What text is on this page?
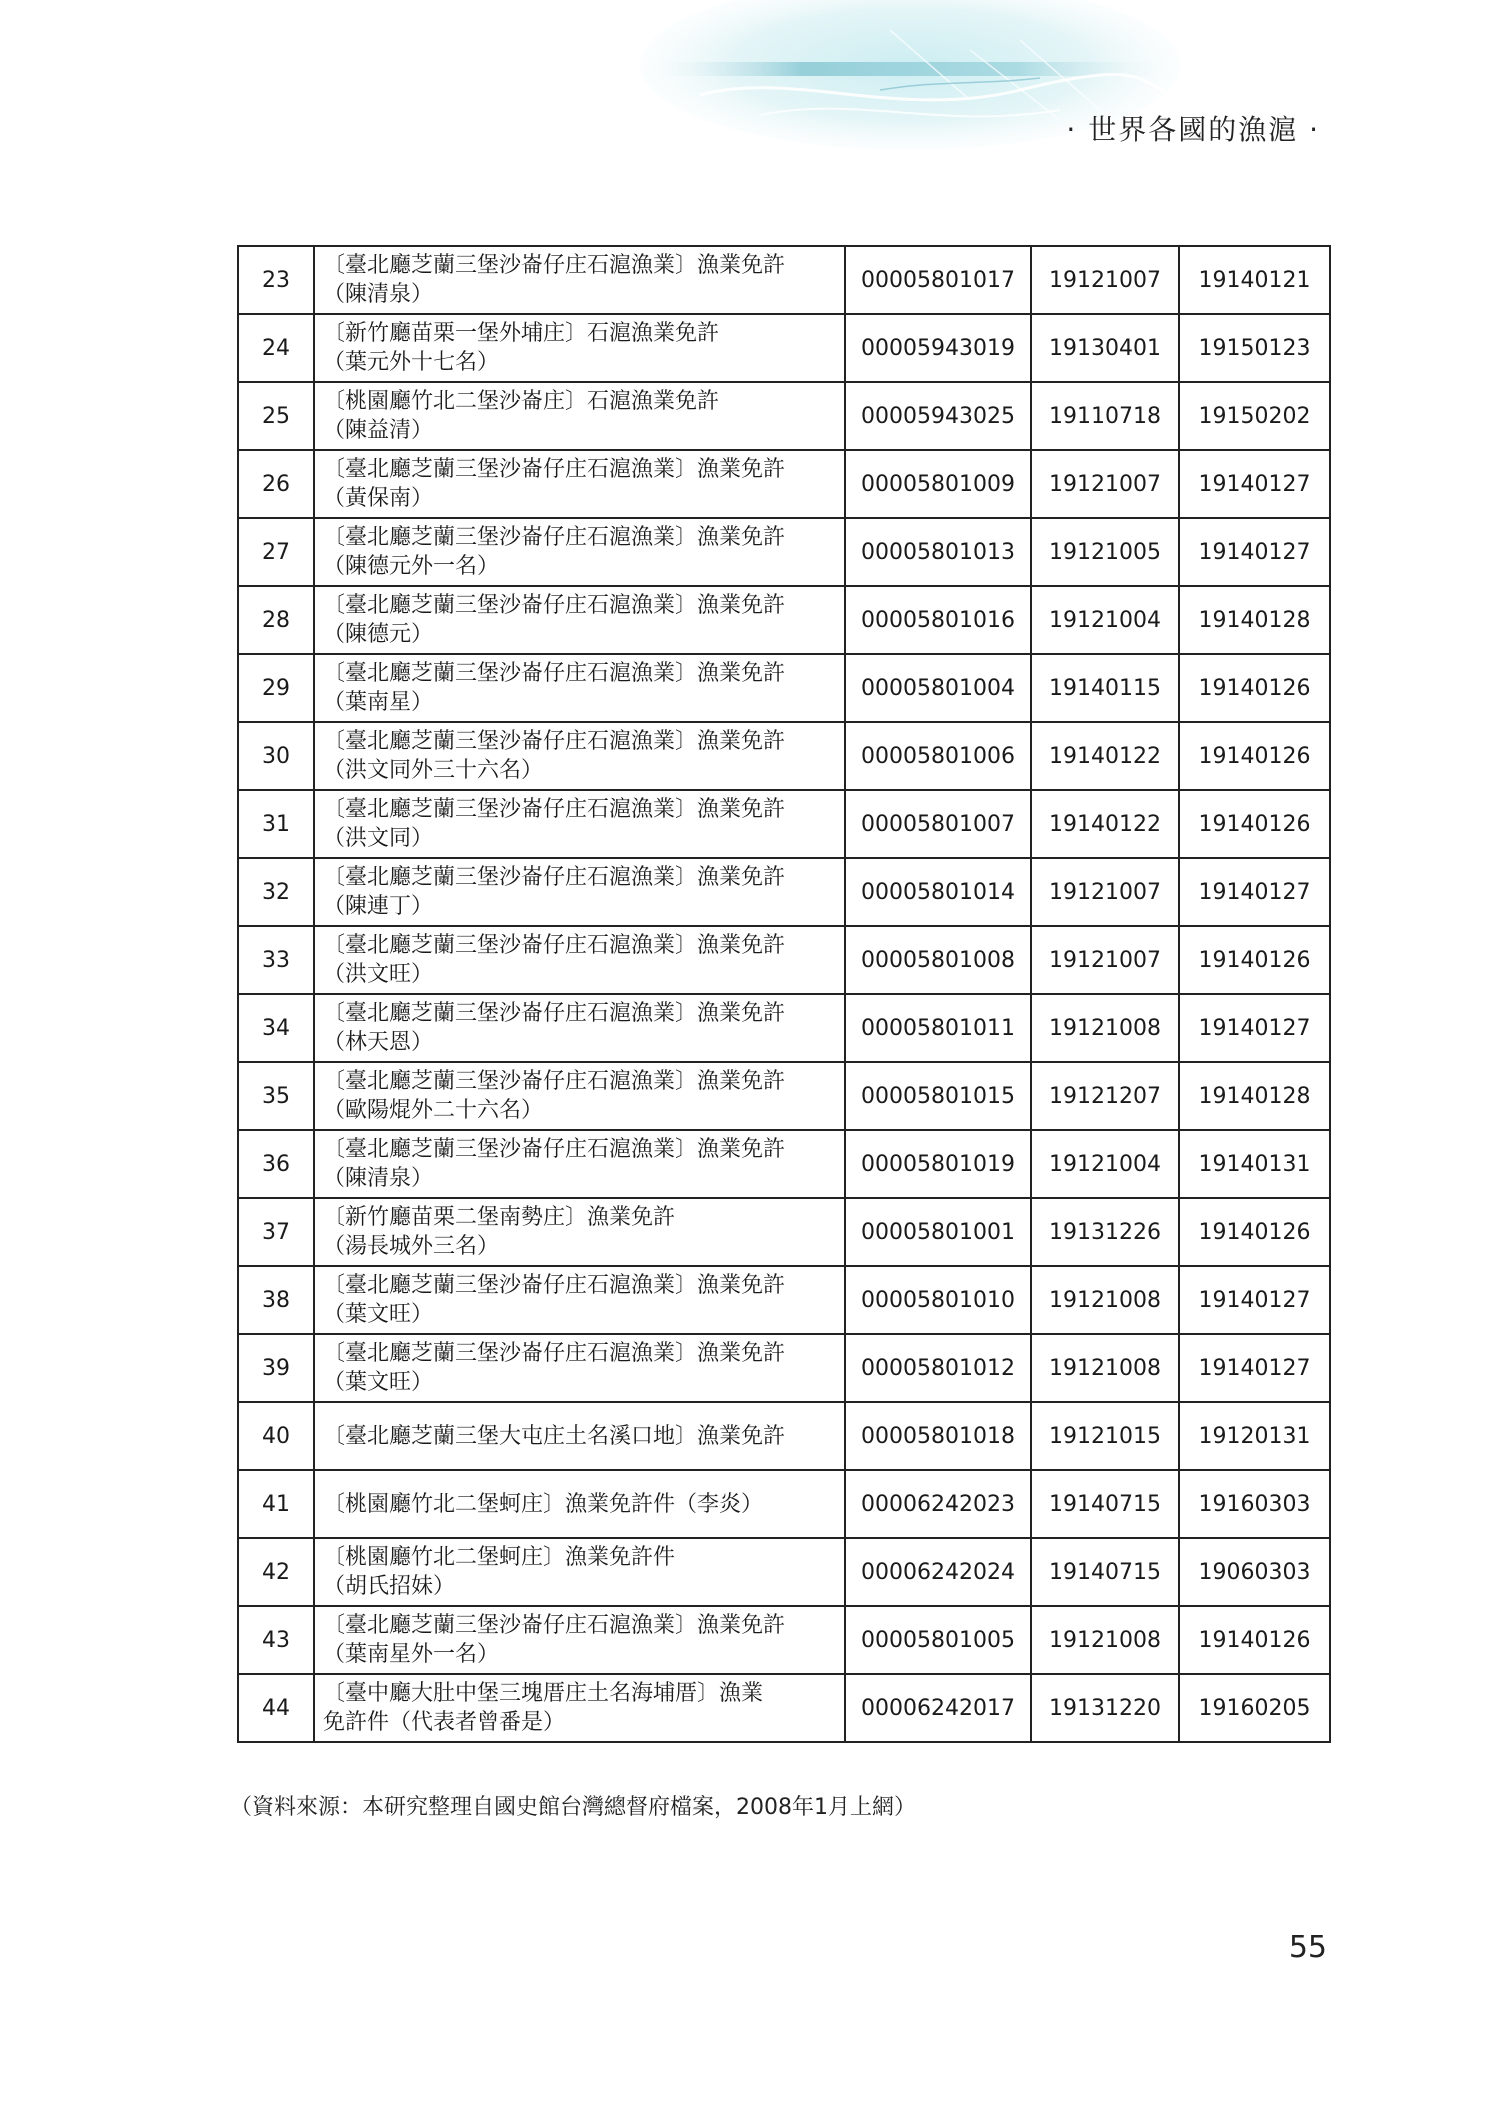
· 世界各國的漁滬 ·
23	〔臺北廳芝蘭三堡沙崙仔庄石滬漁業〕漁業免許
（陳清泉）	00005801017	19121007	19140121
24	〔新竹廳苗栗一堡外埔庄〕石滬漁業免許
（葉元外十七名）	00005943019	19130401	19150123
25	〔桃園廳竹北二堡沙崙庄〕石滬漁業免許
（陳益清）	00005943025	19110718	19150202
26	〔臺北廳芝蘭三堡沙崙仔庄石滬漁業〕漁業免許
（黃保南）	00005801009	19121007	19140127
27	〔臺北廳芝蘭三堡沙崙仔庄石滬漁業〕漁業免許
（陳德元外一名）	00005801013	19121005	19140127
28	〔臺北廳芝蘭三堡沙崙仔庄石滬漁業〕漁業免許
（陳德元）	00005801016	19121004	19140128
29	〔臺北廳芝蘭三堡沙崙仔庄石滬漁業〕漁業免許
（葉南星）	00005801004	19140115	19140126
30	〔臺北廳芝蘭三堡沙崙仔庄石滬漁業〕漁業免許
（洪文同外三十六名）	00005801006	19140122	19140126
31	〔臺北廳芝蘭三堡沙崙仔庄石滬漁業〕漁業免許
（洪文同）	00005801007	19140122	19140126
32	〔臺北廳芝蘭三堡沙崙仔庄石滬漁業〕漁業免許
（陳連丁）	00005801014	19121007	19140127
33	〔臺北廳芝蘭三堡沙崙仔庄石滬漁業〕漁業免許
（洪文旺）	00005801008	19121007	19140126
34	〔臺北廳芝蘭三堡沙崙仔庄石滬漁業〕漁業免許
（林天恩）	00005801011	19121008	19140127
35	〔臺北廳芝蘭三堡沙崙仔庄石滬漁業〕漁業免許
（歐陽焜外二十六名）	00005801015	19121207	19140128
36	〔臺北廳芝蘭三堡沙崙仔庄石滬漁業〕漁業免許
（陳清泉）	00005801019	19121004	19140131
37	〔新竹廳苗栗二堡南勢庄〕漁業免許
（湯長城外三名）	00005801001	19131226	19140126
38	〔臺北廳芝蘭三堡沙崙仔庄石滬漁業〕漁業免許
（葉文旺）	00005801010	19121008	19140127
39	〔臺北廳芝蘭三堡沙崙仔庄石滬漁業〕漁業免許
（葉文旺）	00005801012	19121008	19140127
40	〔臺北廳芝蘭三堡大屯庄土名溪口地〕漁業免許	00005801018	19121015	19120131
41	〔桃園廳竹北二堡蚵庄〕漁業免許件（李炎）	00006242023	19140715	19160303
42	〔桃園廳竹北二堡蚵庄〕漁業免許件
（胡氏招妹）	00006242024	19140715	19060303
43	〔臺北廳芝蘭三堡沙崙仔庄石滬漁業〕漁業免許
（葉南星外一名）	00005801005	19121008	19140126
44	〔臺中廳大肚中堡三塊厝庄土名海埔厝〕漁業
免許件（代表者曾番是）	00006242017	19131220	19160205
（資料來源：本研究整理自國史館台灣總督府檔案，2008年1月上網）
55
